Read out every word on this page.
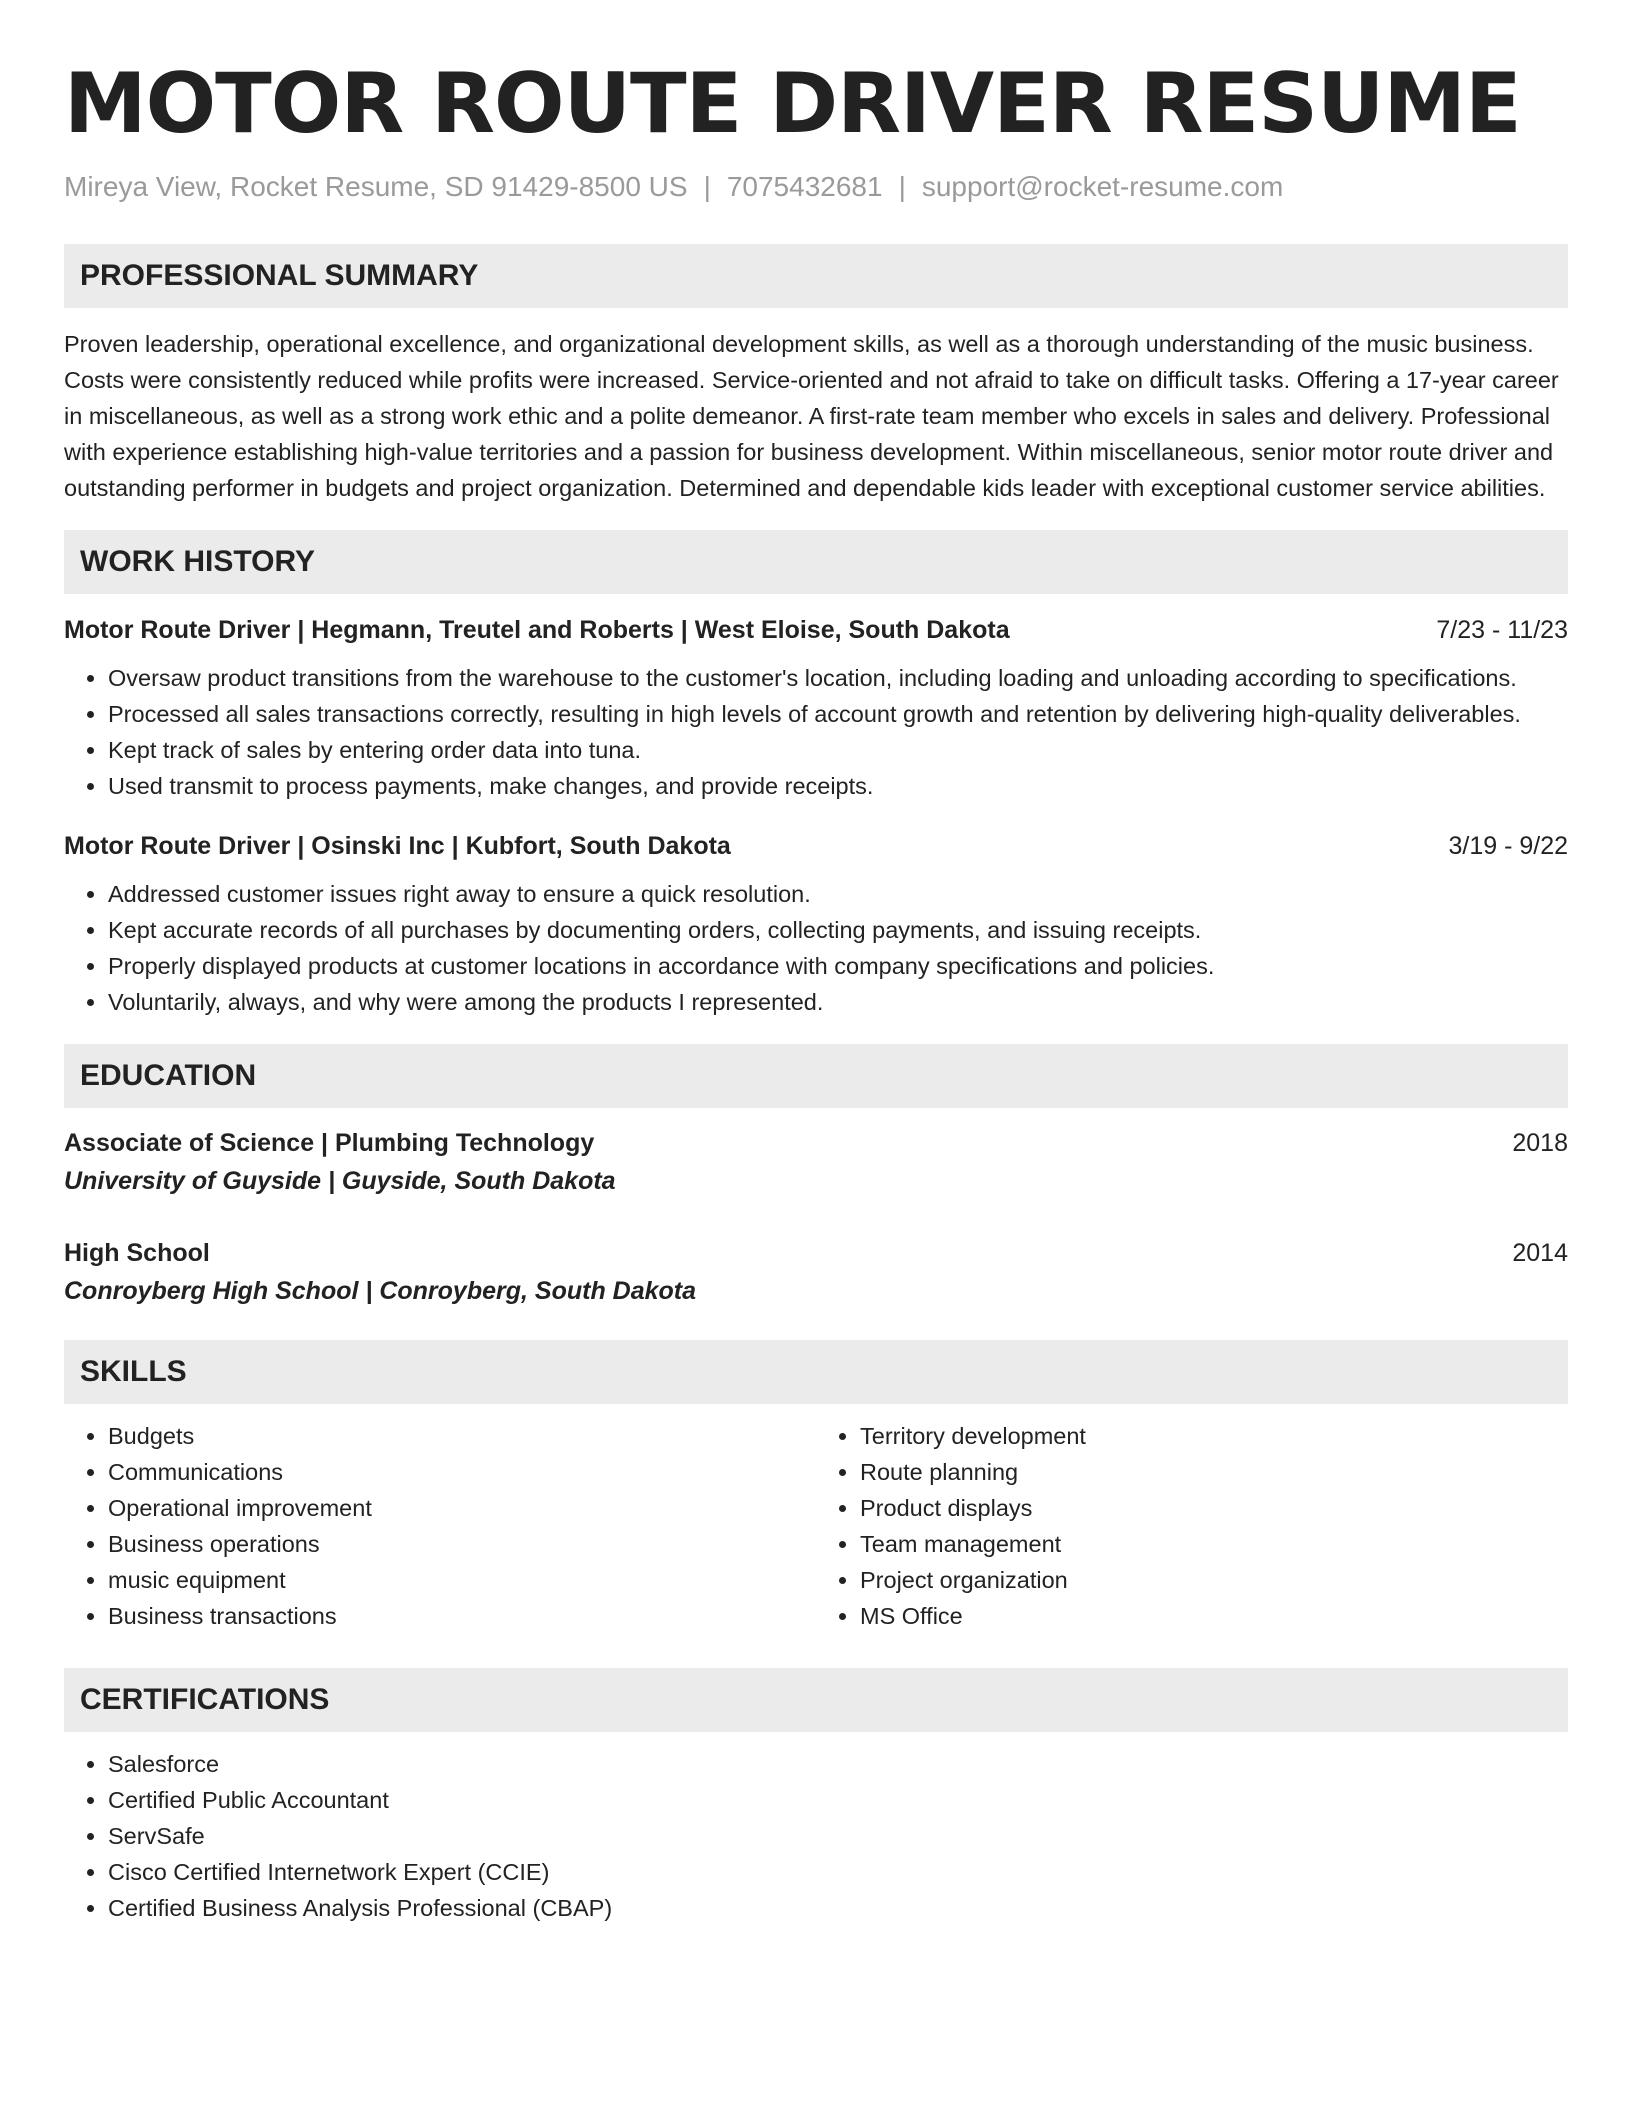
MOTOR ROUTE DRIVER RESUME
Mireya View, Rocket Resume, SD 91429-8500 US | 7075432681 | support@rocket-resume.com
PROFESSIONAL SUMMARY

Proven leadership, operational excellence, and organizational development skills, as well as a thorough understanding of the music business. Costs were consistently reduced while profits were increased. Service-oriented and not afraid to take on difficult tasks. Offering a 17-year career in miscellaneous, as well as a strong work ethic and a polite demeanor. A first-rate team member who excels in sales and delivery. Professional with experience establishing high-value territories and a passion for business development. Within miscellaneous, senior motor route driver and outstanding performer in budgets and project organization. Determined and dependable kids leader with exceptional customer service abilities.

WORK HISTORY
Motor Route Driver | Hegmann, Treutel and Roberts | West Eloise, South Dakota	7/23 - 11/23
• Oversaw product transitions from the warehouse to the customer's location, including loading and unloading according to specifications.
• Processed all sales transactions correctly, resulting in high levels of account growth and retention by delivering high-quality deliverables.
• Kept track of sales by entering order data into tuna.
• Used transmit to process payments, make changes, and provide receipts.
Motor Route Driver | Osinski Inc | Kubfort, South Dakota	3/19 - 9/22
• Addressed customer issues right away to ensure a quick resolution.
• Kept accurate records of all purchases by documenting orders, collecting payments, and issuing receipts.
• Properly displayed products at customer locations in accordance with company specifications and policies.
• Voluntarily, always, and why were among the products I represented.
EDUCATION
Associate of Science | Plumbing Technology	2018
University of Guyside | Guyside, South Dakota
High School	2014
Conroyberg High School | Conroyberg, South Dakota
SKILLS
• Budgets
• Communications
• Operational improvement
• Business operations
• music equipment
• Business transactions
• Territory development
• Route planning
• Product displays
• Team management
• Project organization
• MS Office
CERTIFICATIONS
• Salesforce
• Certified Public Accountant
• ServSafe
• Cisco Certified Internetwork Expert (CCIE)
• Certified Business Analysis Professional (CBAP)
